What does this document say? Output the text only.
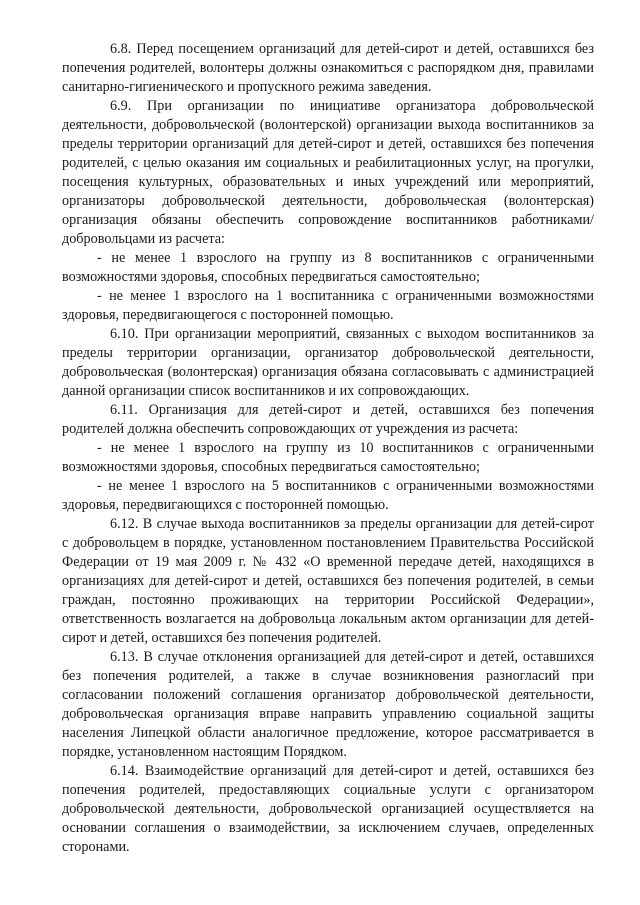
6.8. Перед посещением организаций для детей-сирот и детей, оставшихся без попечения родителей, волонтеры должны ознакомиться с распорядком дня, правилами санитарно-гигиенического и пропускного режима заведения.

6.9. При организации по инициативе организатора добровольческой деятельности, добровольческой (волонтерской) организации выхода воспитанников за пределы территории организаций для детей-сирот и детей, оставшихся без попечения родителей, с целью оказания им социальных и реабилитационных услуг, на прогулки, посещения культурных, образовательных и иных учреждений или мероприятий, организаторы добровольческой деятельности, добровольческая (волонтерская) организация обязаны обеспечить сопровождение воспитанников работниками/добровольцами из расчета:

- не менее 1 взрослого на группу из 8 воспитанников с ограниченными возможностями здоровья, способных передвигаться самостоятельно;

- не менее 1 взрослого на 1 воспитанника с ограниченными возможностями здоровья, передвигающегося с посторонней помощью.

6.10. При организации мероприятий, связанных с выходом воспитанников за пределы территории организации, организатор добровольческой деятельности, добровольческая (волонтерская) организация обязана согласовывать с администрацией данной организации список воспитанников и их сопровождающих.

6.11. Организация для детей-сирот и детей, оставшихся без попечения родителей должна обеспечить сопровождающих от учреждения из расчета:

- не менее 1 взрослого на группу из 10 воспитанников с ограниченными возможностями здоровья, способных передвигаться самостоятельно;

- не менее 1 взрослого на 5 воспитанников с ограниченными возможностями здоровья, передвигающихся с посторонней помощью.

6.12. В случае выхода воспитанников за пределы организации для детей-сирот с добровольцем в порядке, установленном постановлением Правительства Российской Федерации от 19 мая 2009 г. № 432 «О временной передаче детей, находящихся в организациях для детей-сирот и детей, оставшихся без попечения родителей, в семьи граждан, постоянно проживающих на территории Российской Федерации», ответственность возлагается на добровольца локальным актом организации для детей-сирот и детей, оставшихся без попечения родителей.

6.13. В случае отклонения организацией для детей-сирот и детей, оставшихся без попечения родителей, а также в случае возникновения разногласий при согласовании положений соглашения организатор добровольческой деятельности, добровольческая организация вправе направить управлению социальной защиты населения Липецкой области аналогичное предложение, которое рассматривается в порядке, установленном настоящим Порядком.

6.14. Взаимодействие организаций для детей-сирот и детей, оставшихся без попечения родителей, предоставляющих социальные услуги с организатором добровольческой деятельности, добровольческой организацией осуществляется на основании соглашения о взаимодействии, за исключением случаев, определенных сторонами.
